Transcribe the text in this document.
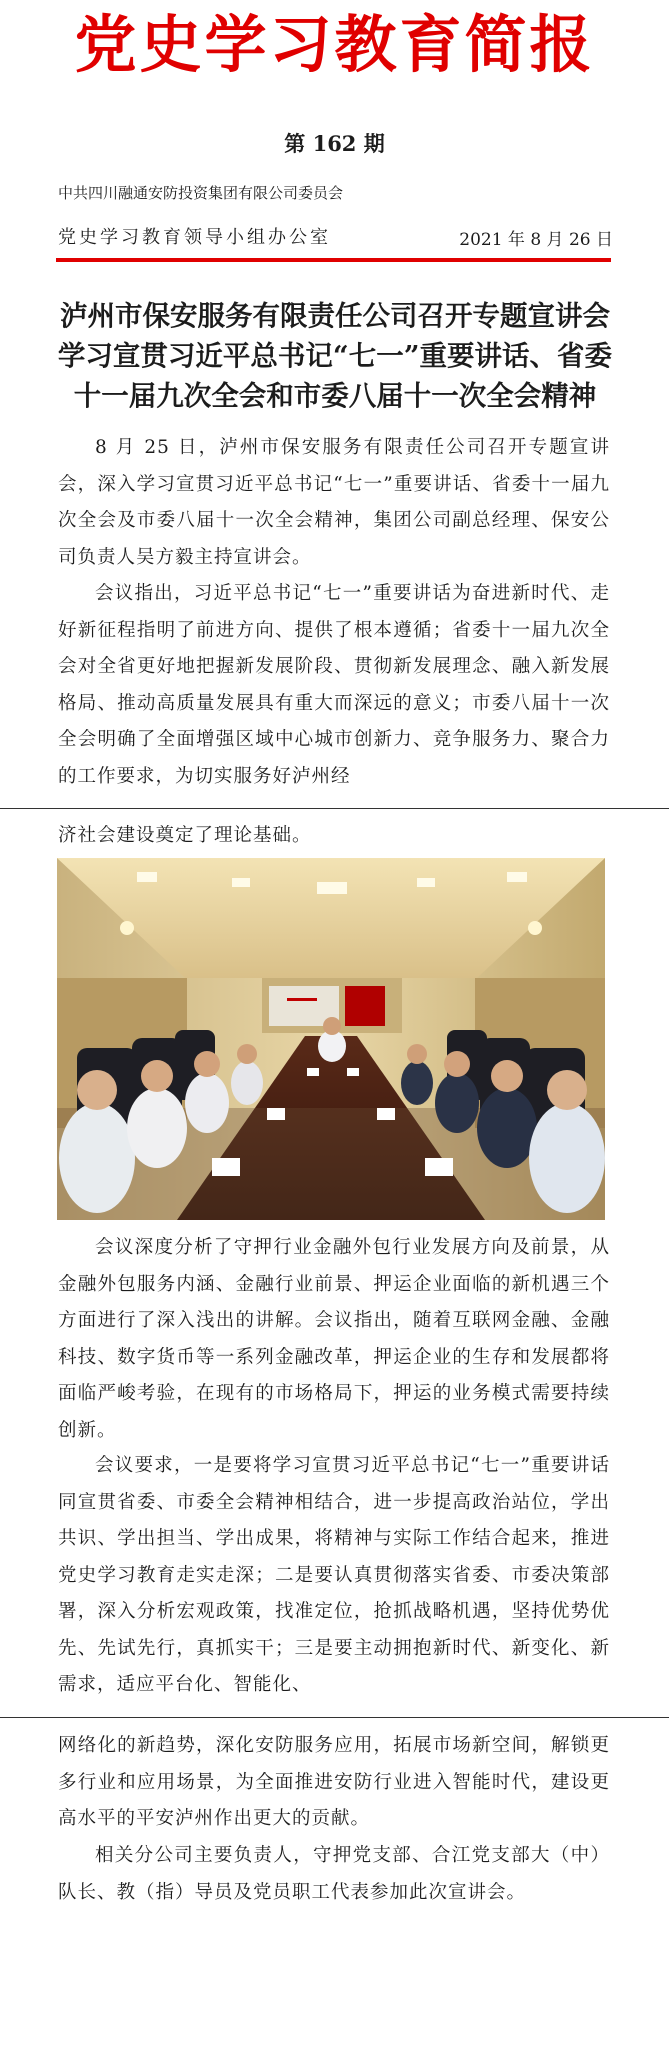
党史学习教育简报
第 162 期
中共四川融通安防投资集团有限公司委员会
党史学习教育领导小组办公室	2021 年 8 月 26 日
泸州市保安服务有限责任公司召开专题宣讲会学习宣贯习近平总书记“七一”重要讲话、省委十一届九次全会和市委八届十一次全会精神

8 月 25 日，泸州市保安服务有限责任公司召开专题宣讲会，深入学习宣贯习近平总书记“七一”重要讲话、省委十一届九次全会及市委八届十一次全会精神，集团公司副总经理、保安公司负责人吴方毅主持宣讲会。

会议指出，习近平总书记“七一”重要讲话为奋进新时代、走好新征程指明了前进方向、提供了根本遵循；省委十一届九次全会对全省更好地把握新发展阶段、贯彻新发展理念、融入新发展格局、推动高质量发展具有重大而深远的意义；市委八届十一次全会明确了全面增强区域中心城市创新力、竞争服务力、聚合力的工作要求，为切实服务好泸州经

济社会建设奠定了理论基础。

会议深度分析了守押行业金融外包行业发展方向及前景，从金融外包服务内涵、金融行业前景、押运企业面临的新机遇三个方面进行了深入浅出的讲解。会议指出，随着互联网金融、金融科技、数字货币等一系列金融改革，押运企业的生存和发展都将面临严峻考验，在现有的市场格局下，押运的业务模式需要持续创新。

会议要求，一是要将学习宣贯习近平总书记“七一”重要讲话同宣贯省委、市委全会精神相结合，进一步提高政治站位，学出共识、学出担当、学出成果，将精神与实际工作结合起来，推进党史学习教育走实走深；二是要认真贯彻落实省委、市委决策部署，深入分析宏观政策，找准定位，抢抓战略机遇，坚持优势优先、先试先行，真抓实干；三是要主动拥抱新时代、新变化、新需求，适应平台化、智能化、

网络化的新趋势，深化安防服务应用，拓展市场新空间，解锁更多行业和应用场景，为全面推进安防行业进入智能时代，建设更高水平的平安泸州作出更大的贡献。

相关分公司主要负责人，守押党支部、合江党支部大（中）队长、教（指）导员及党员职工代表参加此次宣讲会。
